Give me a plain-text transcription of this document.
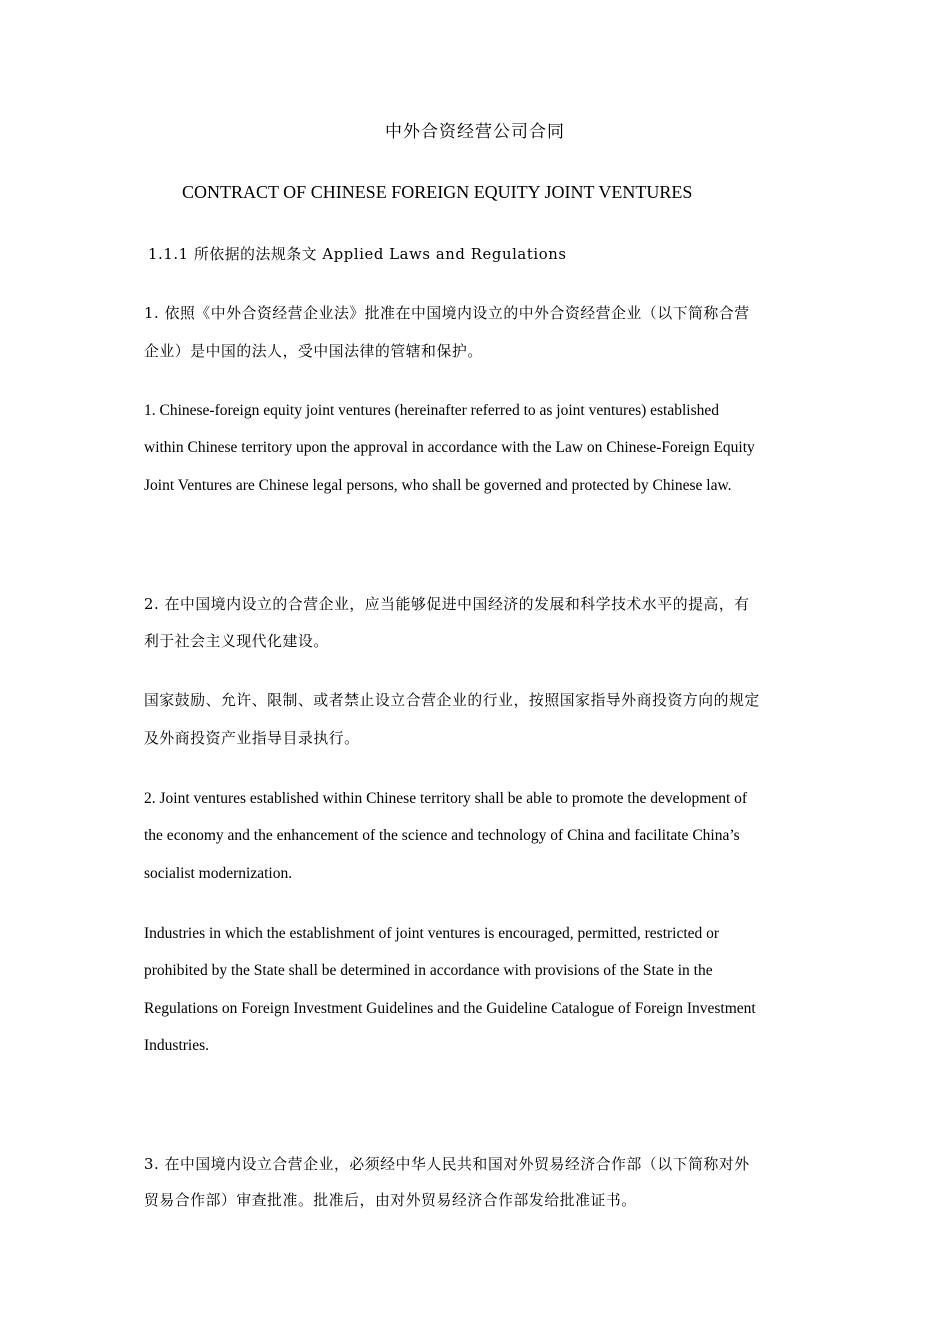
中外合资经营公司合同
CONTRACT OF CHINESE FOREIGN EQUITY JOINT VENTURES
1.1.1 所依据的法规条文 Applied Laws and Regulations
1. 依照《中外合资经营企业法》批准在中国境内设立的中外合资经营企业（以下简称合营
企业）是中国的法人，受中国法律的管辖和保护。
1. Chinese-foreign equity joint ventures (hereinafter referred to as joint ventures) established
within Chinese territory upon the approval in accordance with the Law on Chinese-Foreign Equity
Joint Ventures are Chinese legal persons, who shall be governed and protected by Chinese law.
2. 在中国境内设立的合营企业，应当能够促进中国经济的发展和科学技术水平的提高，有
利于社会主义现代化建设。
国家鼓励、允许、限制、或者禁止设立合营企业的行业，按照国家指导外商投资方向的规定
及外商投资产业指导目录执行。
2. Joint ventures established within Chinese territory shall be able to promote the development of
the economy and the enhancement of the science and technology of China and facilitate China’s
socialist modernization.
Industries in which the establishment of joint ventures is encouraged, permitted, restricted or
prohibited by the State shall be determined in accordance with provisions of the State in the
Regulations on Foreign Investment Guidelines and the Guideline Catalogue of Foreign Investment
Industries.
3. 在中国境内设立合营企业，必须经中华人民共和国对外贸易经济合作部（以下简称对外
贸易合作部）审查批准。批准后，由对外贸易经济合作部发给批准证书。
